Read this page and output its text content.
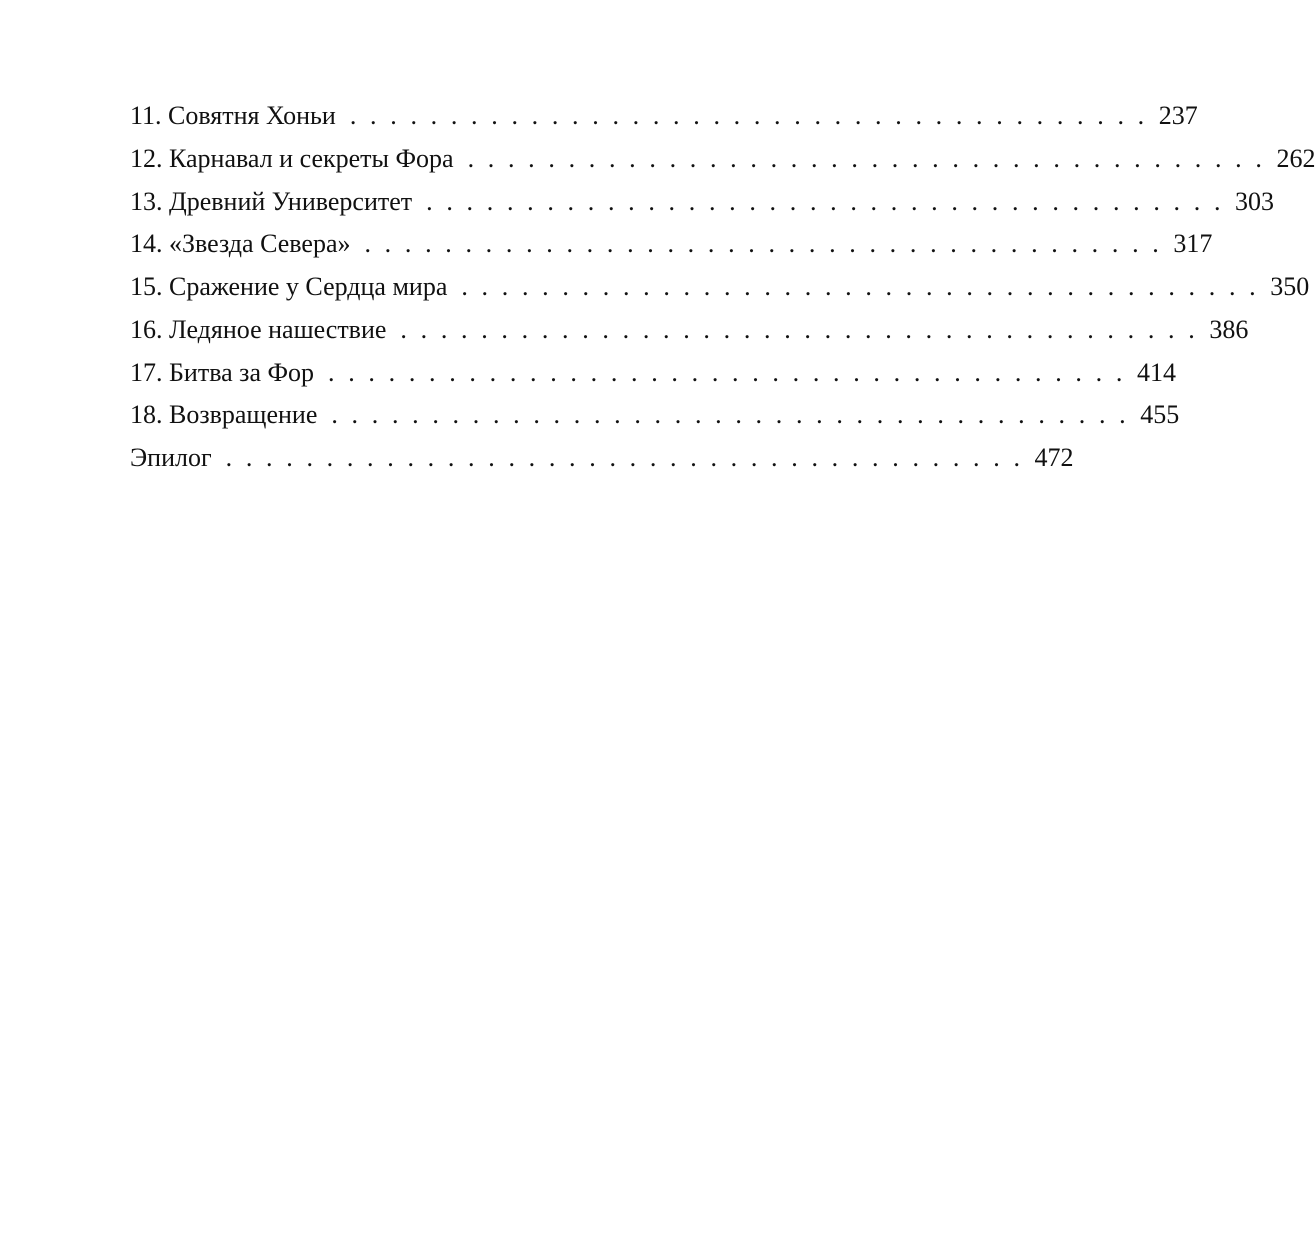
11. Совятня Хоньи . . . . . . . . . . . . . . . . . . . . . . . . . . . . . . . . . . . . . . . . 237
12. Карнавал и секреты Фора . . . . . . . . . . . . . . . . . . . . . . . . . . . . . . . . . . . . . . . . 262
13. Древний Университет . . . . . . . . . . . . . . . . . . . . . . . . . . . . . . . . . . . . . . . . 303
14. «Звезда Севера» . . . . . . . . . . . . . . . . . . . . . . . . . . . . . . . . . . . . . . . . 317
15. Сражение у Сердца мира . . . . . . . . . . . . . . . . . . . . . . . . . . . . . . . . . . . . . . . . 350
16. Ледяное нашествие . . . . . . . . . . . . . . . . . . . . . . . . . . . . . . . . . . . . . . . . 386
17. Битва за Фор . . . . . . . . . . . . . . . . . . . . . . . . . . . . . . . . . . . . . . . . 414
18. Возвращение . . . . . . . . . . . . . . . . . . . . . . . . . . . . . . . . . . . . . . . . 455
Эпилог . . . . . . . . . . . . . . . . . . . . . . . . . . . . . . . . . . . . . . . . 472
